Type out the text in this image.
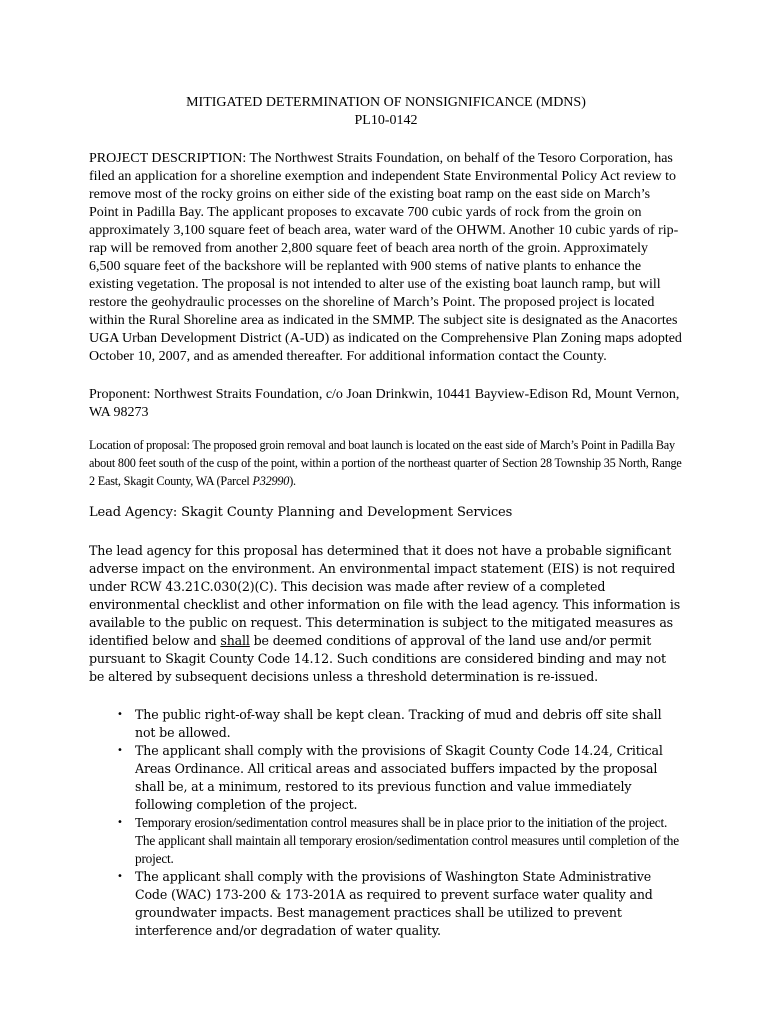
MITIGATED DETERMINATION OF NONSIGNIFICANCE (MDNS)
PL10-0142

PROJECT DESCRIPTION: The Northwest Straits Foundation, on behalf of the Tesoro Corporation, has filed an application for a shoreline exemption and independent State Environmental Policy Act review to remove most of the rocky groins on either side of the existing boat ramp on the east side on March’s Point in Padilla Bay. The applicant proposes to excavate 700 cubic yards of rock from the groin on approximately 3,100 square feet of beach area, water ward of the OHWM. Another 10 cubic yards of rip-rap will be removed from another 2,800 square feet of beach area north of the groin. Approximately 6,500 square feet of the backshore will be replanted with 900 stems of native plants to enhance the existing vegetation. The proposal is not intended to alter use of the existing boat launch ramp, but will restore the geohydraulic processes on the shoreline of March’s Point. The proposed project is located within the Rural Shoreline area as indicated in the SMMP. The subject site is designated as the Anacortes UGA Urban Development District (A-UD) as indicated on the Comprehensive Plan Zoning maps adopted October 10, 2007, and as amended thereafter. For additional information contact the County.

Proponent: Northwest Straits Foundation, c/o Joan Drinkwin, 10441 Bayview-Edison Rd, Mount Vernon, WA 98273

Location of proposal: The proposed groin removal and boat launch is located on the east side of March’s Point in Padilla Bay about 800 feet south of the cusp of the point, within a portion of the northeast quarter of Section 28 Township 35 North, Range 2 East, Skagit County, WA (Parcel P32990).

Lead Agency: Skagit County Planning and Development Services

The lead agency for this proposal has determined that it does not have a probable significant adverse impact on the environment. An environmental impact statement (EIS) is not required under RCW 43.21C.030(2)(C). This decision was made after review of a completed environmental checklist and other information on file with the lead agency. This information is available to the public on request. This determination is subject to the mitigated measures as identified below and shall be deemed conditions of approval of the land use and/or permit pursuant to Skagit County Code 14.12. Such conditions are considered binding and may not be altered by subsequent decisions unless a threshold determination is re-issued.

• The public right-of-way shall be kept clean. Tracking of mud and debris off site shall not be allowed.
• The applicant shall comply with the provisions of Skagit County Code 14.24, Critical Areas Ordinance. All critical areas and associated buffers impacted by the proposal shall be, at a minimum, restored to its previous function and value immediately following completion of the project.
• Temporary erosion/sedimentation control measures shall be in place prior to the initiation of the project. The applicant shall maintain all temporary erosion/sedimentation control measures until completion of the project.
• The applicant shall comply with the provisions of Washington State Administrative Code (WAC) 173-200 & 173-201A as required to prevent surface water quality and groundwater impacts. Best management practices shall be utilized to prevent interference and/or degradation of water quality.
